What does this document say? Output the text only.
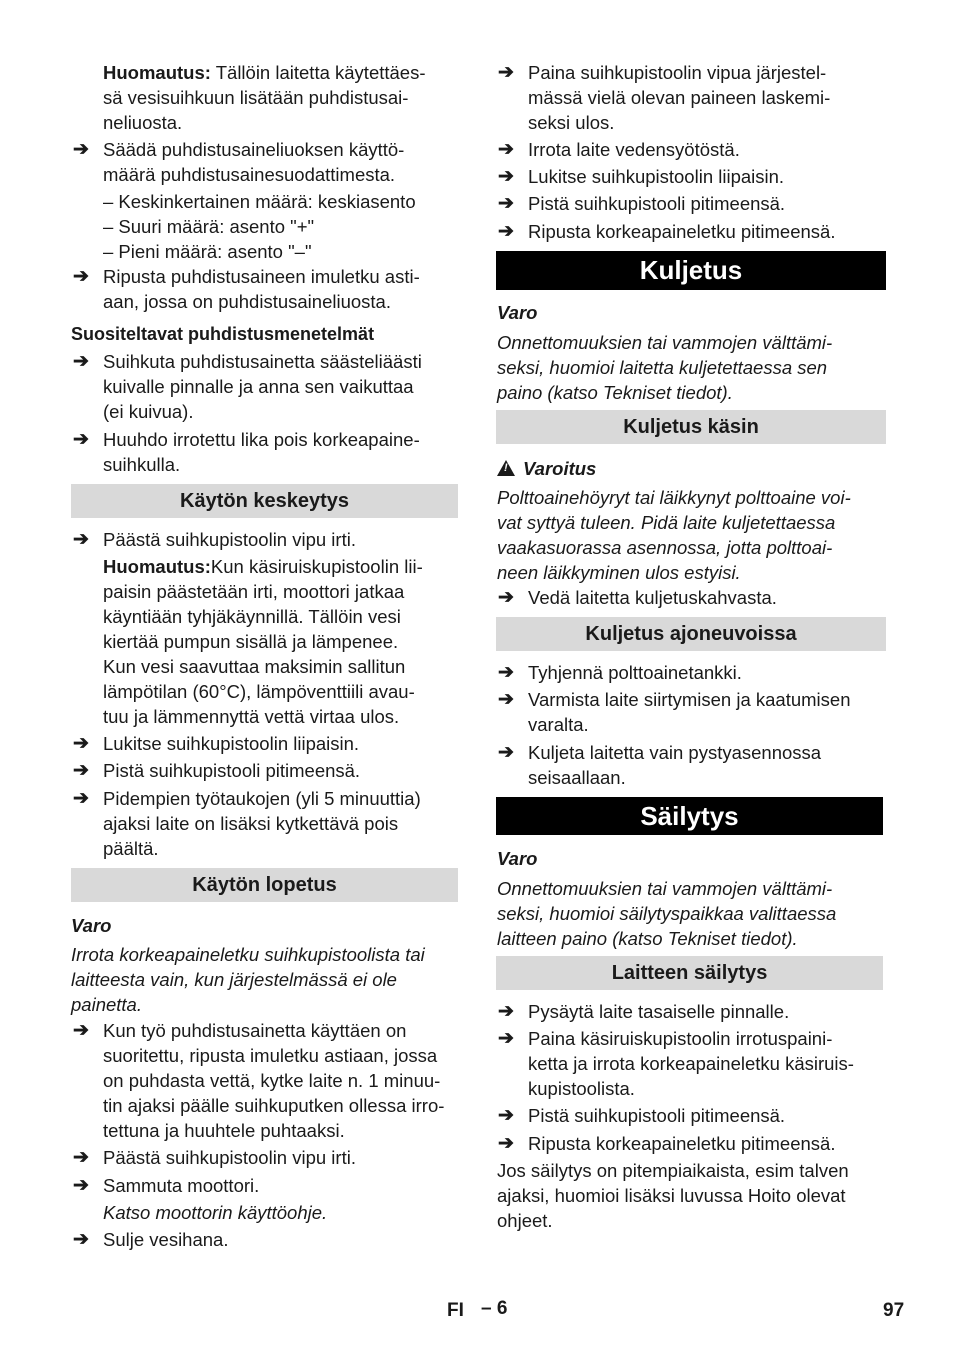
Huomautus: Tällöin laitetta käytettäes-
sä vesisuihkuun lisätään puhdistusai-
neliuosta.
➔ Säädä puhdistusaineliuoksen käyttö-
määrä puhdistusainesuodattimesta.
– Keskinkertainen määrä: keskiasento
– Suuri määrä: asento "+"
– Pieni määrä: asento "–"
➔ Ripusta puhdistusaineen imuletku asti-
aan, jossa on puhdistusaineliuosta.
Suositeltavat puhdistusmenetelmät
➔ Suihkuta puhdistusainetta säästeliäästi
kuivalle pinnalle ja anna sen vaikuttaa
(ei kuivua).
➔ Huuhdo irrotettu lika pois korkeapaine-
suihkulla.
Käytön keskeytys
➔ Päästä suihkupistoolin vipu irti.
Huomautus:Kun käsiruiskupistoolin lii-
paisin päästetään irti, moottori jatkaa
käyntiään tyhjäkäynnillä. Tällöin vesi
kiertää pumpun sisällä ja lämpenee.
Kun vesi saavuttaa maksimin sallitun
lämpötilan (60°C), lämpöventtiili avau-
tuu ja lämmennyttä vettä virtaa ulos.
➔ Lukitse suihkupistoolin liipaisin.
➔ Pistä suihkupistooli pitimeensä.
➔ Pidempien työtaukojen (yli 5 minuuttia)
ajaksi laite on lisäksi kytkettävä pois
päältä.
Käytön lopetus
Varo
Irrota korkeapaineletku suihkupistoolista tai
laitteesta vain, kun järjestelmässä ei ole
painetta.
➔ Kun työ puhdistusainetta käyttäen on
suoritettu, ripusta imuletku astiaan, jossa
on puhdasta vettä, kytke laite n. 1 minuu-
tin ajaksi päälle suihkuputken ollessa irro-
tettuna ja huuhtele puhtaaksi.
➔ Päästä suihkupistoolin vipu irti.
➔ Sammuta moottori.
Katso moottorin käyttöohje.
➔ Sulje vesihana.
➔ Paina suihkupistoolin vipua järjestel-
mässä vielä olevan paineen laskemi-
seksi ulos.
➔ Irrota laite vedensyötöstä.
➔ Lukitse suihkupistoolin liipaisin.
➔ Pistä suihkupistooli pitimeensä.
➔ Ripusta korkeapaineletku pitimeensä.
Kuljetus
Varo
Onnettomuuksien tai vammojen välttämi-
seksi, huomioi laitetta kuljetettaessa sen
paino (katso Tekniset tiedot).
Kuljetus käsin
!Varoitus
Polttoainehöyryt tai läikkynyt polttoaine voi-
vat syttyä tuleen. Pidä laite kuljetettaessa
vaakasuorassa asennossa, jotta polttoai-
neen läikkyminen ulos estyisi.
➔ Vedä laitetta kuljetuskahvasta.
Kuljetus ajoneuvoissa
➔ Tyhjennä polttoainetankki.
➔ Varmista laite siirtymisen ja kaatumisen
varalta.
➔ Kuljeta laitetta vain pystyasennossa
seisaallaan.
Säilytys
Varo
Onnettomuuksien tai vammojen välttämi-
seksi, huomioi säilytyspaikkaa valittaessa
laitteen paino (katso Tekniset tiedot).
Laitteen säilytys
➔ Pysäytä laite tasaiselle pinnalle.
➔ Paina käsiruiskupistoolin irrotuspaini-
ketta ja irrota korkeapaineletku käsiruis-
kupistoolista.
➔ Pistä suihkupistooli pitimeensä.
➔ Ripusta korkeapaineletku pitimeensä.
Jos säilytys on pitempiaikaista, esim talven
ajaksi, huomioi lisäksi luvussa Hoito olevat
ohjeet.
FI – 6	97
